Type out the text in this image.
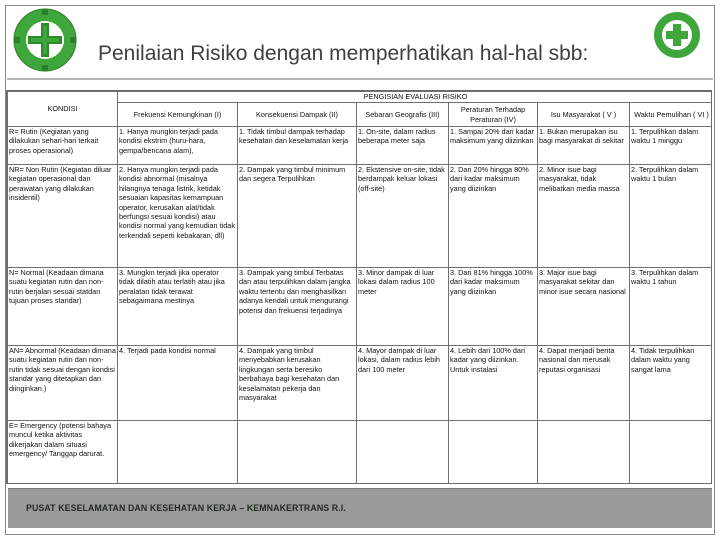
Penilaian Risiko dengan memperhatikan hal-hal sbb:
KONDISI	PENGISIAN EVALUASI RISIKO					
	Frekuensi Kemungkinan (I)	Konsekuensi Dampak (II)	Sebaran Geografis (III)	Peraturan Terhadap Peraturan (IV)	Isu Masyarakat ( V )	Waktu Pemulihan ( VI )
R= Rutin (Kegiatan yang dilakukan sehari-hari terkait proses operasional)	1. Hanya mungkin terjadi pada kondisi ekstrim (huru-hara, gempa/bencana alam),	1. Tidak timbul dampak terhadap kesehatan dan keselamatan kerja	1. On-site, dalam radius beberapa meter saja	1. Sampai 20% dari kadar maksimum yang diizinkan	1. Bukan merupakan isu bagi masyarakat di sekitar	1. Terpulihkan dalam waktu 1 minggu
NR= Non Rutin (Kegiatan diluar kegiatan operasional dan perawatan yang dilakukan insidentil)	2. Hanya mungkin terjadi pada kondisi abnormal (misalnya hilangnya tenaga listrik, ketidak sesuaian kapasitas kemampuan operator, kerusakan alat/tidak berfungsi sesuai kondisi) atau kondisi normal yang kemudian tidak terkendali seperti kebakaran, dll)	2. Dampak yang timbul minimum dan segera Terpulihkan	2. Ekstensive on-site, tidak berdampak keluar lokasi (off-site)	2. Dari 20% hingga 80% dari kadar maksimum yang diizinkan	2. Minor isue bagi masyarakat, tidak melibatkan media massa	2. Terpulihkan dalam waktu 1 bulan
N= Normal (Keadaan dimana suatu kegiatan rutin dan non-rutin berjalan sesuai statdan tujuan proses standar)	3. Mungkin terjadi jika operator tidak dilatih atau terlatih atau jika peralatan tidak terawat sebagaimana mestinya	3. Dampak yang timbul Terbatas dan atau terpulihkan dalam jangka waktu tertentu dan menghasilkan adanya kendali untuk mengurangi potensi dan frekuensi terjadinya	3. Minor dampak di luar lokasi dalam radius 100 meter	3. Dari 81% hingga 100% dari kadar maksimum yang diizinkan	3. Major isue bagi masyarakat sekitar dan minor isue secara nasional	3. Terpulihkan dalam waktu 1 tahun
AN= Abnormal (Keadaan dimana suatu kegiatan rutin dan non-rutin tidak sesuai dengan kondisi standar yang ditetapkan dan diinginkan.)	4. Terjadi pada kondisi normal	4. Dampak yang timbul menyebabkan kerusakan lingkungan serta beresiko berbahaya bagi kesehatan dan keselamatan pekerja dan masyarakat	4. Mayor dampak di luar lokasi, dalam radius lebih dari 100 meter	4. Lebih dari 100% dari kadar yang diizinkan. Untuk instalasi	4. Dapat menjadi berita nasional dan merusak reputasi organisasi	4. Tidak terpulihkan dalam waktu yang sangat lama
E= Emergency (potensi bahaya muncul ketika aktivitas dikerjakan dalam situasi emergency/ Tanggap darurat.						
PUSAT KESELAMATAN DAN KESEHATAN KERJA – KEMNAKERTRANS R.I.
